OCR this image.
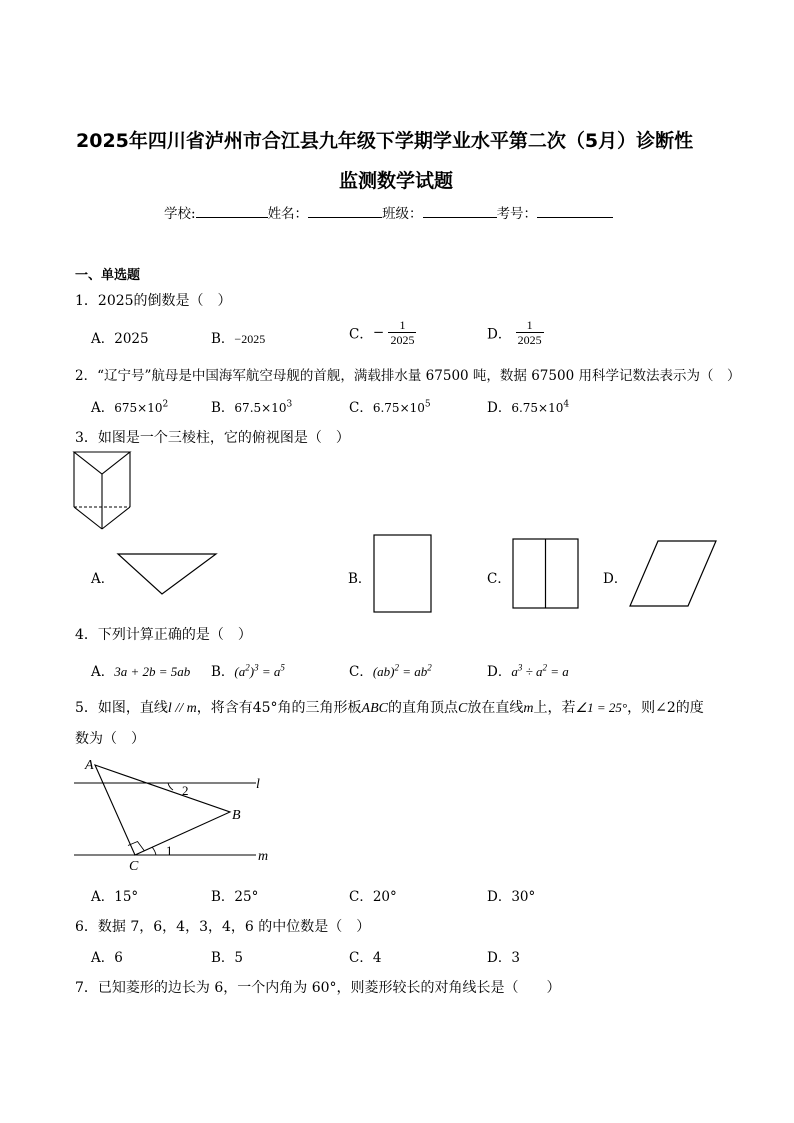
2025年四川省泸州市合江县九年级下学期学业水平第二次（5月）诊断性
监测数学试题
学校:	姓名：	班级：	考号：
一、单选题
1．2025的倒数是（　）
A．2025	B．−2025	C．− $\frac{1}{2025}$	D． $\frac{1}{2025}$
2．“辽宁号”航母是中国海军航空母舰的首舰，满载排水量 67500 吨，数据 67500 用科学记数法表示为（　）
A．$675\times 10^2$	B．$67.5\times 10^3$	C．$6.75\times 10^5$	D．$6.75\times 10^4$
3．如图是一个三棱柱，它的俯视图是（　）
A．	B．	C．	D．
4．下列计算正确的是（　）
A．3a + 2b = 5ab B．$(a^2)^3 = a^5$	C．$(ab)^2 = ab^2$	D．$a^3 \div a^2 = a$
5．如图，直线l // m，将含有45°角的三角形板ABC的直角顶点C放在直线m上，若∠1 = 25°，则∠2的度
数为（　）
A
B
C
l
m
2
1
A．15°	B．25°	C．20°	D．30°
6．数据 7，6，4，3，4，6 的中位数是（　）
A．6	B．5	C．4	D．3
7．已知菱形的边长为 6，一个内角为 60°，则菱形较长的对角线长是（　　）
